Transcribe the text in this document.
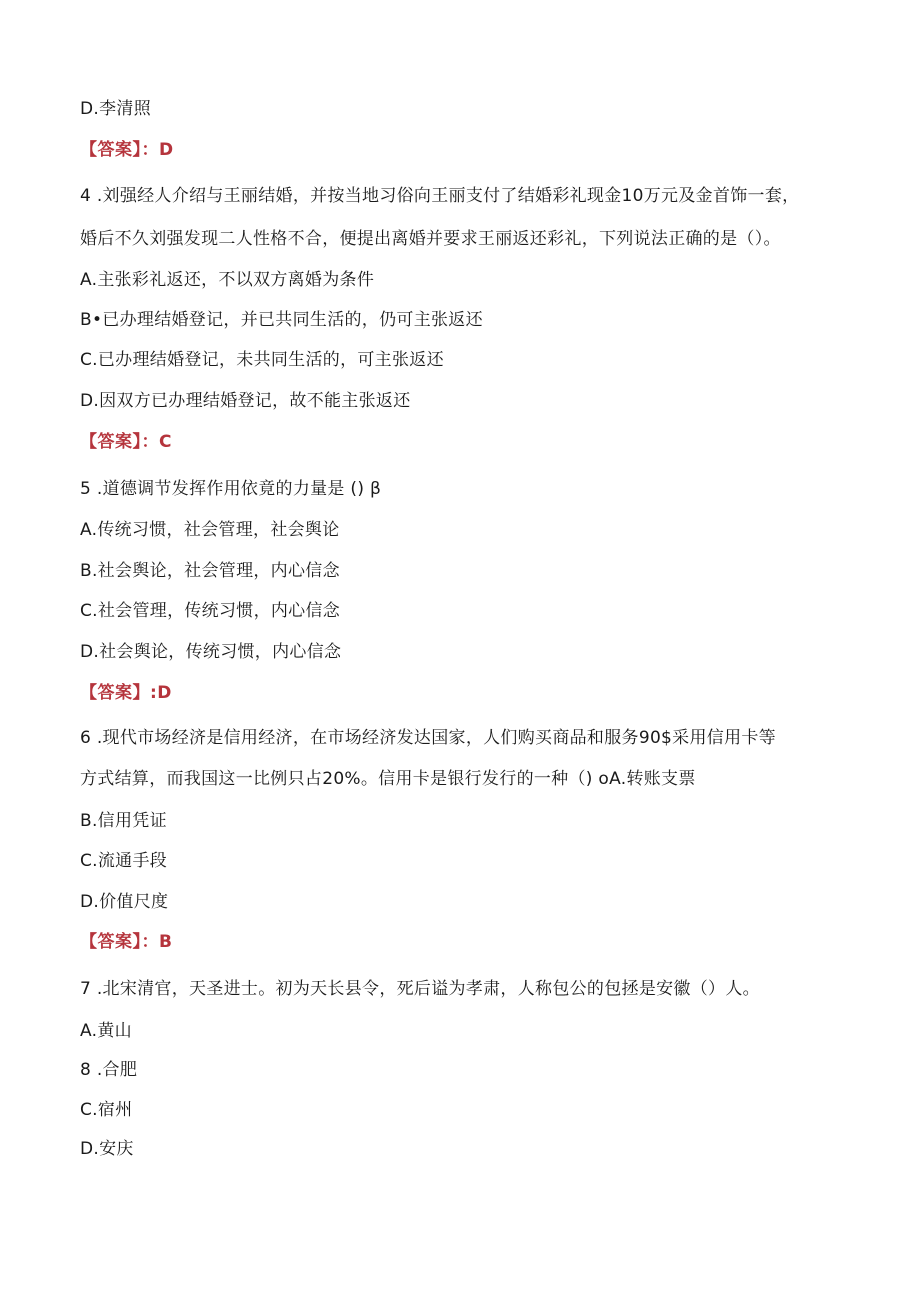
D.李清照
【答案】：D
4 .刘强经人介绍与王丽结婚，并按当地习俗向王丽支付了结婚彩礼现金10万元及金首饰一套，
婚后不久刘强发现二人性格不合，便提出离婚并要求王丽返还彩礼，下列说法正确的是（）。
A.主张彩礼返还，不以双方离婚为条件
B•已办理结婚登记，并已共同生活的，仍可主张返还
C.已办理结婚登记，未共同生活的，可主张返还
D.因双方已办理结婚登记，故不能主张返还
【答案】：C
5 .道德调节发挥作用依竟的力量是 () β
A.传统习惯，社会管理，社会舆论
B.社会舆论，社会管理，内心信念
C.社会管理，传统习惯，内心信念
D.社会舆论，传统习惯，内心信念
【答案】:D
6 .现代市场经济是信用经济，在市场经济发达国家，人们购买商品和服务90$采用信用卡等
方式结算，而我国这一比例只占20%。信用卡是银行发行的一种（) oA.转账支票
B.信用凭证
C.流通手段
D.价值尺度
【答案】：B
7 .北宋清官，天圣进士。初为天长县令，死后谥为孝肃，人称包公的包拯是安徽（）人。
A.黄山
8 .合肥
C.宿州
D.安庆
